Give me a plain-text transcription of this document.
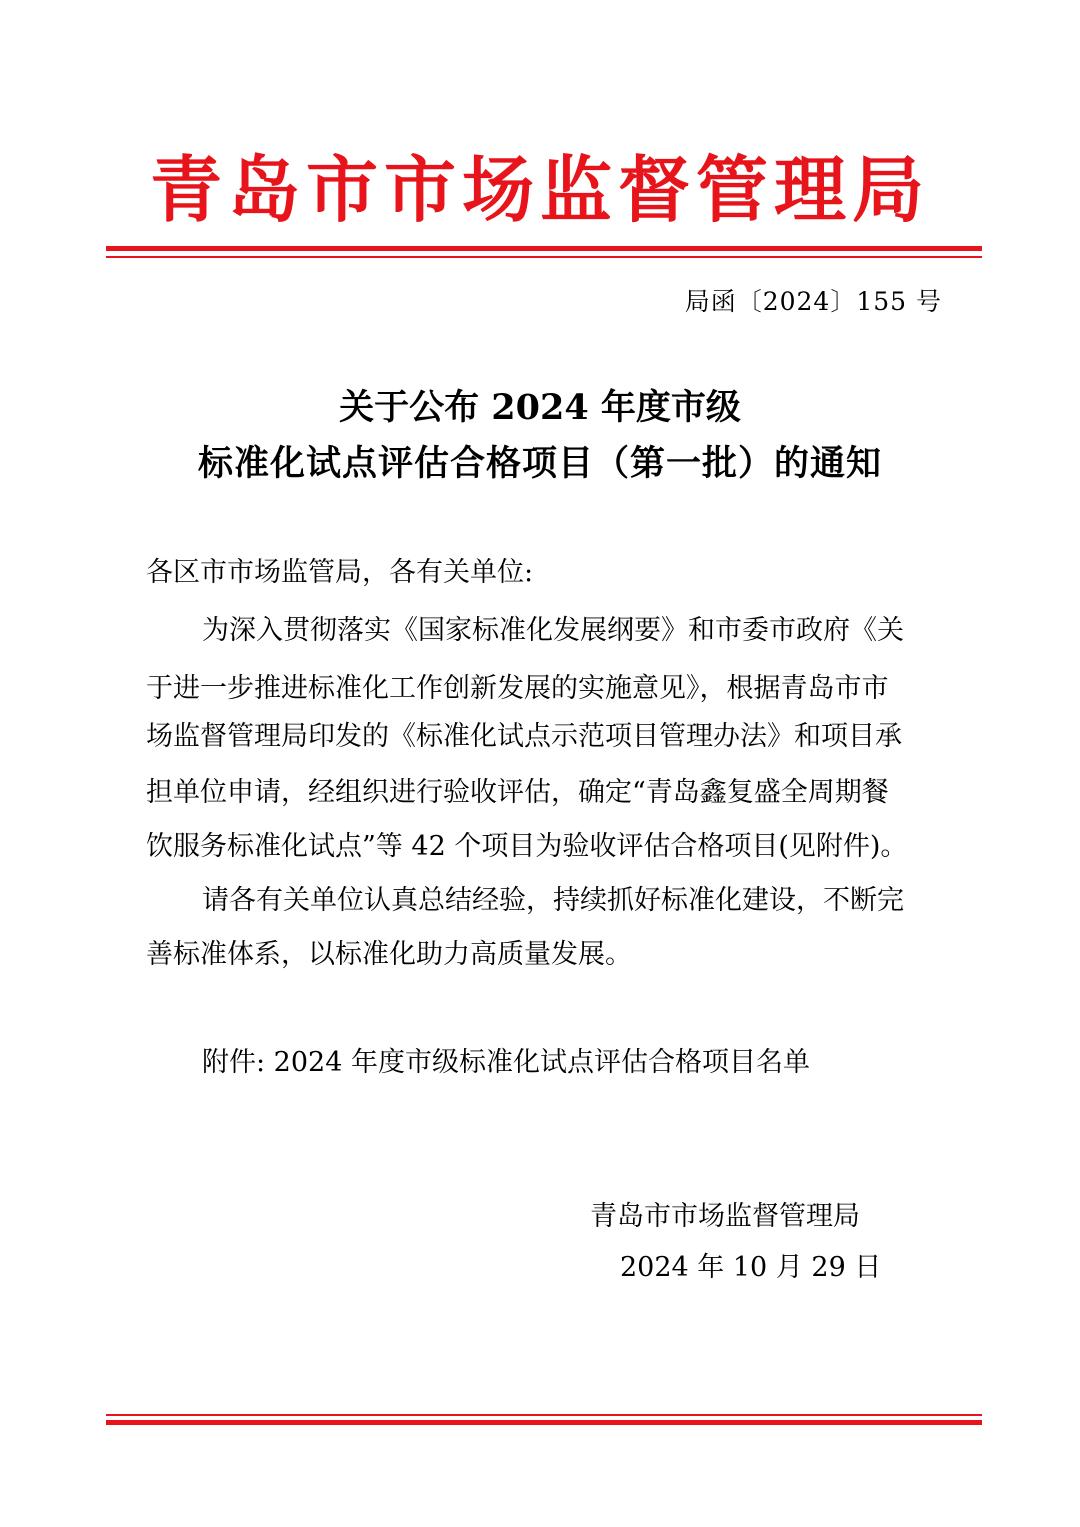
青岛市市场监督管理局
局函〔2024〕155 号
关于公布 2024 年度市级
标准化试点评估合格项目（第一批）的通知
各区市市场监管局，各有关单位:
为深入贯彻落实《国家标准化发展纲要》和市委市政府《关
于进一步推进标准化工作创新发展的实施意见》，根据青岛市市
场监督管理局印发的《标准化试点示范项目管理办法》和项目承
担单位申请，经组织进行验收评估，确定“青岛鑫复盛全周期餐
饮服务标准化试点”等 42 个项目为验收评估合格项目(见附件)。
请各有关单位认真总结经验，持续抓好标准化建设，不断完
善标准体系，以标准化助力高质量发展。
附件: 2024 年度市级标准化试点评估合格项目名单
青岛市市场监督管理局
2024 年 10 月 29 日
